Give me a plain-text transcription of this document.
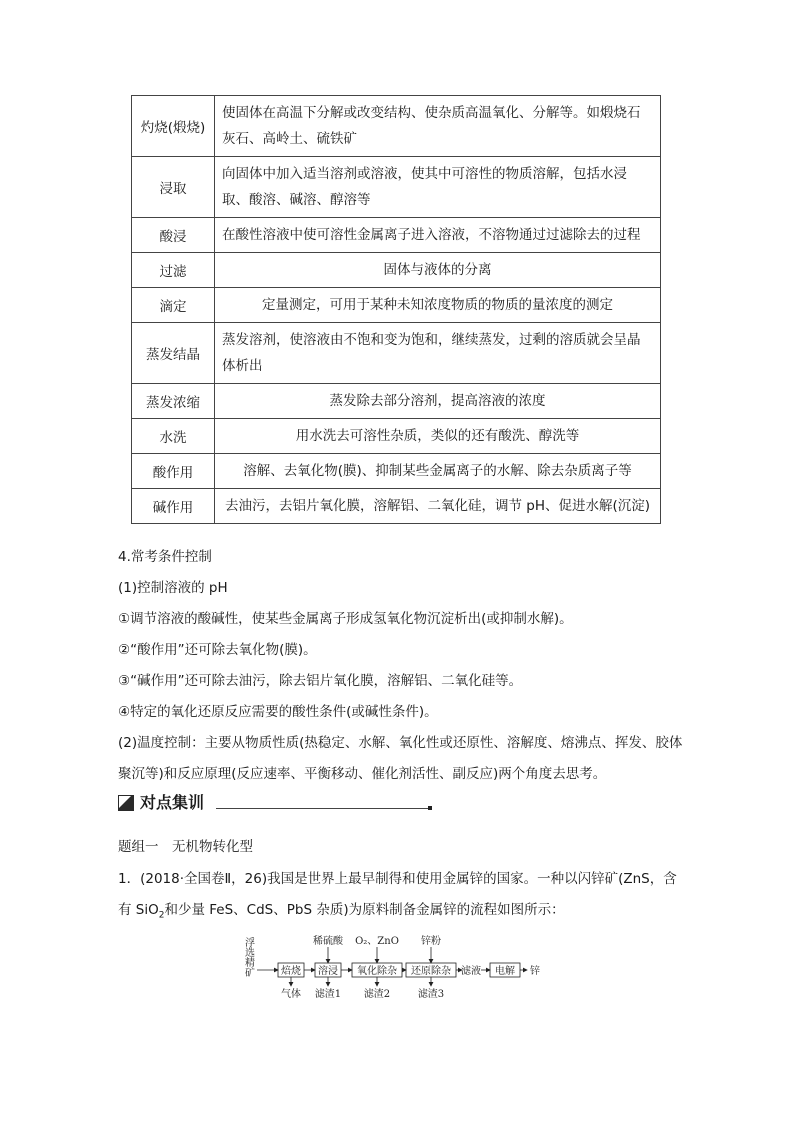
灼烧(煅烧)	使固体在高温下分解或改变结构、使杂质高温氧化、分解等。如煅烧石灰石、高岭土、硫铁矿
浸取	向固体中加入适当溶剂或溶液，使其中可溶性的物质溶解，包括水浸取、酸溶、碱溶、醇溶等
酸浸	在酸性溶液中使可溶性金属离子进入溶液，不溶物通过过滤除去的过程
过滤	固体与液体的分离
滴定	定量测定，可用于某种未知浓度物质的物质的量浓度的测定
蒸发结晶	蒸发溶剂，使溶液由不饱和变为饱和，继续蒸发，过剩的溶质就会呈晶体析出
蒸发浓缩	蒸发除去部分溶剂，提高溶液的浓度
水洗	用水洗去可溶性杂质，类似的还有酸洗、醇洗等
酸作用	溶解、去氧化物(膜)、抑制某些金属离子的水解、除去杂质离子等
碱作用	去油污，去铝片氧化膜，溶解铝、二氧化硅，调节 pH、促进水解(沉淀)
4.常考条件控制
(1)控制溶液的 pH
①调节溶液的酸碱性，使某些金属离子形成氢氧化物沉淀析出(或抑制水解)。
②“酸作用”还可除去氧化物(膜)。
③“碱作用”还可除去油污，除去铝片氧化膜，溶解铝、二氧化硅等。
④特定的氧化还原反应需要的酸性条件(或碱性条件)。
(2)温度控制：主要从物质性质(热稳定、水解、氧化性或还原性、溶解度、熔沸点、挥发、胶体聚沉等)和反应原理(反应速率、平衡移动、催化剂活性、副反应)两个角度去思考。
对点集训
题组一　无机物转化型
1．(2018·全国卷Ⅱ，26)我国是世界上最早制得和使用金属锌的国家。一种以闪锌矿(ZnS，含有 SiO$_2$和少量 FeS、CdS、PbS 杂质)为原料制备金属锌的流程如图所示：
浮
选
精
矿	焙烧 溶浸 氧化除杂 还原除杂	电解
滤液	锌
稀硫酸 O₂、ZnO 锌粉
气体 滤渣1 滤渣2	滤渣3
